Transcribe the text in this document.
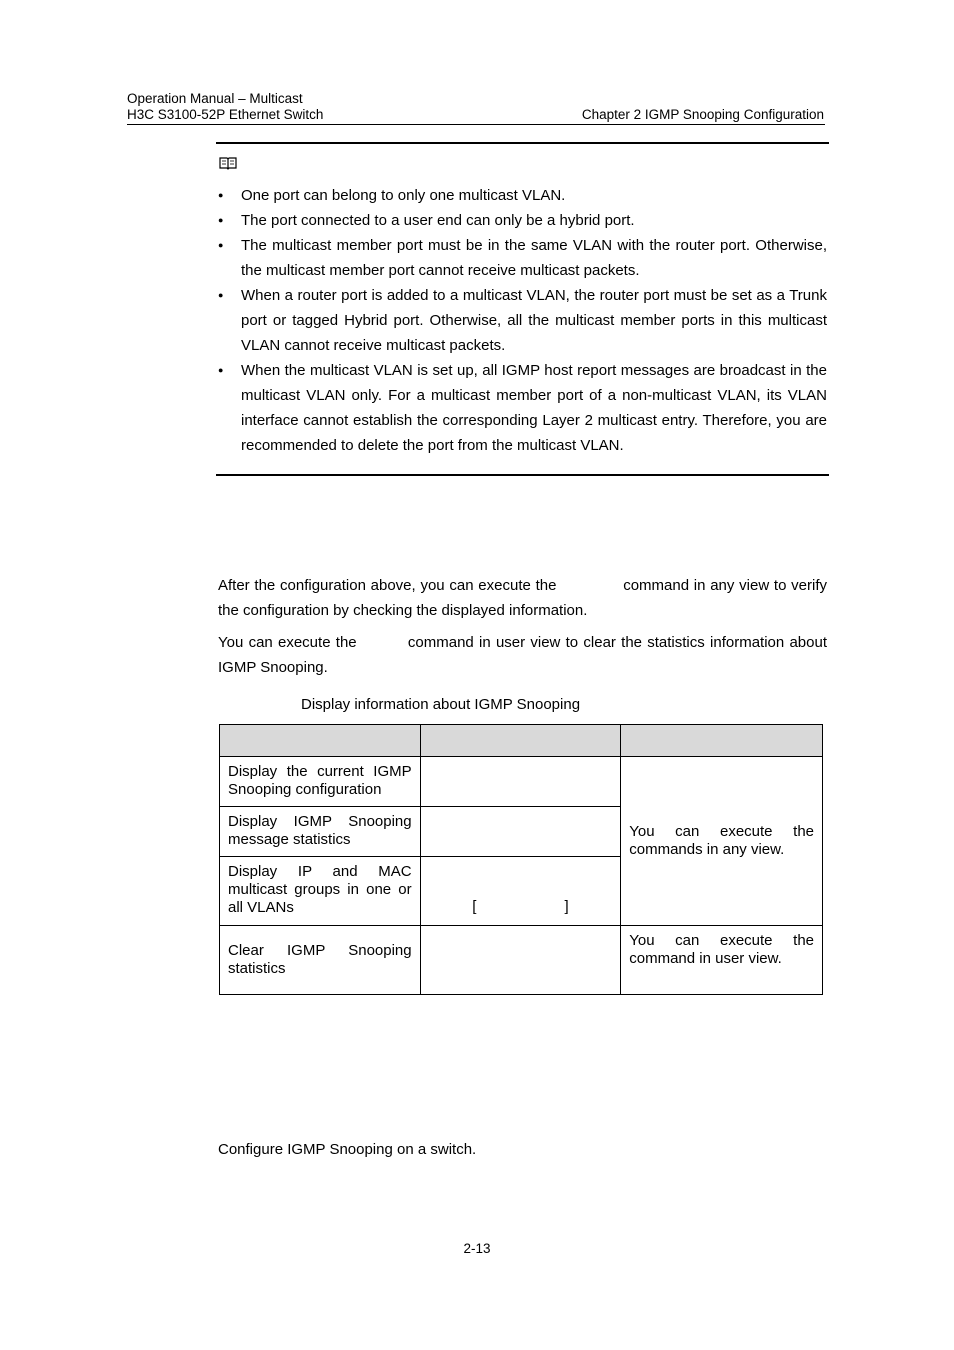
Operation Manual – Multicast
H3C S3100-52P Ethernet Switch	Chapter 2 IGMP Snooping Configuration
● One port can belong to only one multicast VLAN.
● The port connected to a user end can only be a hybrid port.
● The multicast member port must be in the same VLAN with the router port. Otherwise, the multicast member port cannot receive multicast packets.
● When a router port is added to a multicast VLAN, the router port must be set as a Trunk port or tagged Hybrid port. Otherwise, all the multicast member ports in this multicast VLAN cannot receive multicast packets.
● When the multicast VLAN is set up, all IGMP host report messages are broadcast in the multicast VLAN only. For a multicast member port of a non-multicast VLAN, its VLAN interface cannot establish the corresponding Layer 2 multicast entry. Therefore, you are recommended to delete the port from the multicast VLAN.
After the configuration above, you can execute the	command in any view to verify the configuration by checking the displayed information.
You can execute the	command in user view to clear the statistics information about IGMP Snooping.
Display information about IGMP Snooping

Display the current IGMP Snooping configuration		You can execute the commands in any view.
Display IGMP Snooping message statistics		
Display IP and MAC multicast groups in one or all VLANs	[ ]	

Clear IGMP Snooping statistics		You can execute the command in user view.
Configure IGMP Snooping on a switch.
2-13
